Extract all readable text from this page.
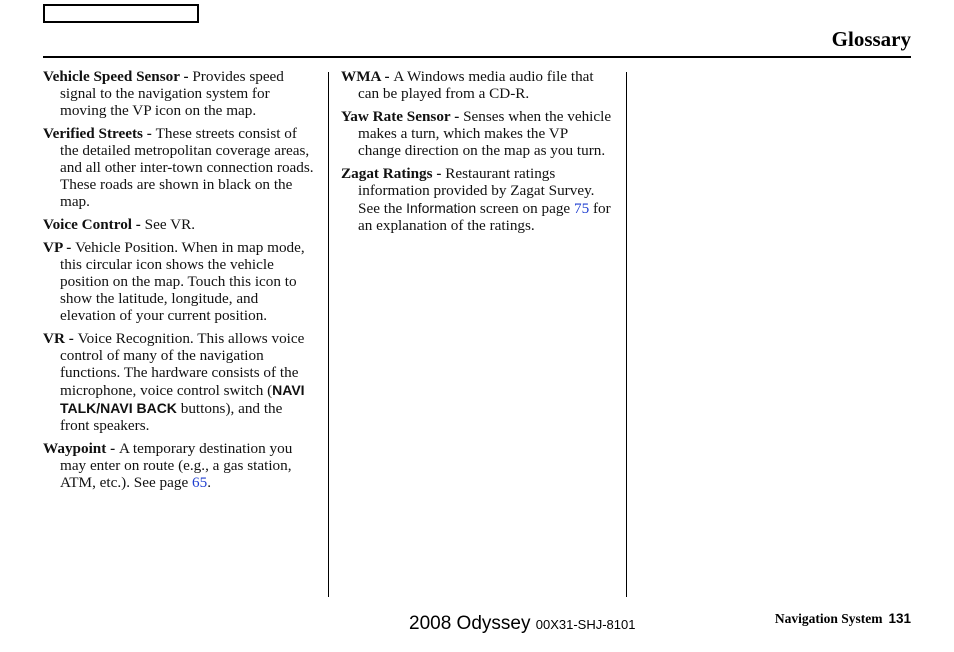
Glossary

Vehicle Speed Sensor - Provides speed signal to the navigation system for moving the VP icon on the map.

Verified Streets - These streets consist of the detailed metropolitan coverage areas, and all other inter-town connection roads. These roads are shown in black on the map.

Voice Control - See VR.

VP - Vehicle Position. When in map mode, this circular icon shows the vehicle position on the map. Touch this icon to show the latitude, longitude, and elevation of your current position.

VR - Voice Recognition. This allows voice control of many of the navigation functions. The hardware consists of the microphone, voice control switch (NAVI TALK/NAVI BACK buttons), and the front speakers.

Waypoint - A temporary destination you may enter on route (e.g., a gas station, ATM, etc.). See page 65.

WMA - A Windows media audio file that can be played from a CD-R.

Yaw Rate Sensor - Senses when the vehicle makes a turn, which makes the VP change direction on the map as you turn.

Zagat Ratings - Restaurant ratings information provided by Zagat Survey. See the Information screen on page 75 for an explanation of the ratings.

2008 Odyssey 00X31-SHJ-8101	Navigation System 131
